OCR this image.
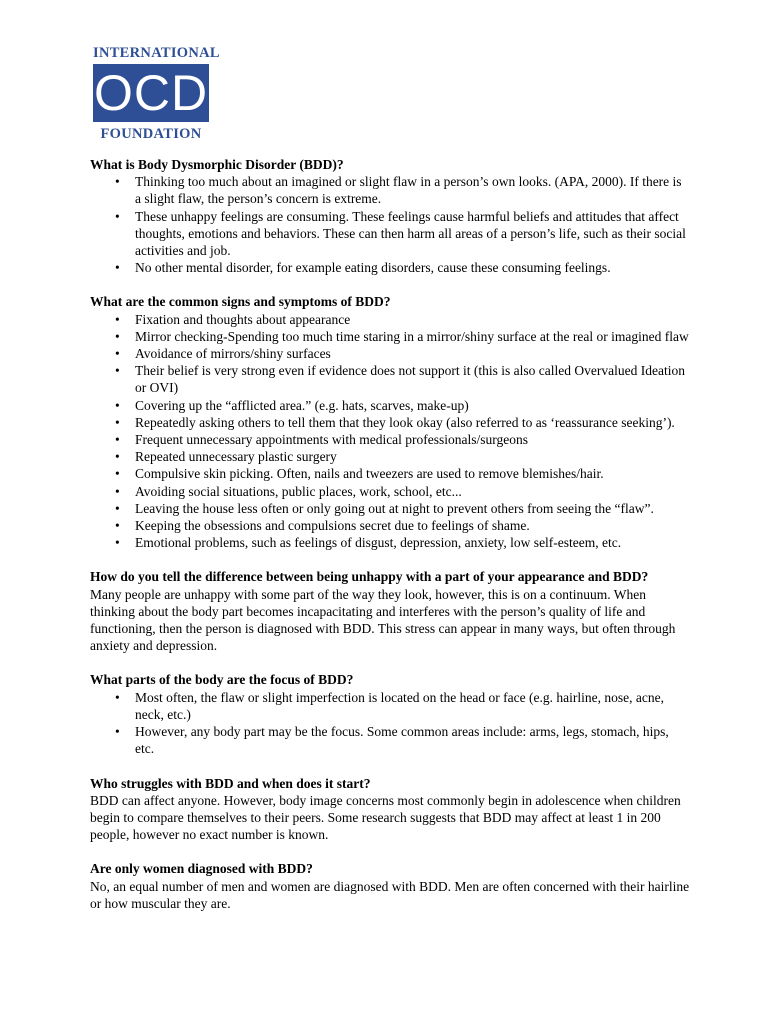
INTERNATIONAL
OCD
FOUNDATION
What is Body Dysmorphic Disorder (BDD)?
• Thinking too much about an imagined or slight flaw in a person’s own looks. (APA, 2000). If there is a slight flaw, the person’s concern is extreme.
• These unhappy feelings are consuming. These feelings cause harmful beliefs and attitudes that affect thoughts, emotions and behaviors. These can then harm all areas of a person’s life, such as their social activities and job.
• No other mental disorder, for example eating disorders, cause these consuming feelings.
What are the common signs and symptoms of BDD?
• Fixation and thoughts about appearance
• Mirror checking-Spending too much time staring in a mirror/shiny surface at the real or imagined flaw
• Avoidance of mirrors/shiny surfaces
• Their belief is very strong even if evidence does not support it (this is also called Overvalued Ideation or OVI)
• Covering up the “afflicted area.” (e.g. hats, scarves, make-up)
• Repeatedly asking others to tell them that they look okay (also referred to as ‘reassurance seeking’).
• Frequent unnecessary appointments with medical professionals/surgeons
• Repeated unnecessary plastic surgery
• Compulsive skin picking. Often, nails and tweezers are used to remove blemishes/hair.
• Avoiding social situations, public places, work, school, etc...
• Leaving the house less often or only going out at night to prevent others from seeing the “flaw”.
• Keeping the obsessions and compulsions secret due to feelings of shame.
• Emotional problems, such as feelings of disgust, depression, anxiety, low self-esteem, etc.
How do you tell the difference between being unhappy with a part of your appearance and BDD?

Many people are unhappy with some part of the way they look, however, this is on a continuum. When thinking about the body part becomes incapacitating and interferes with the person’s quality of life and functioning, then the person is diagnosed with BDD. This stress can appear in many ways, but often through anxiety and depression.

What parts of the body are the focus of BDD?
• Most often, the flaw or slight imperfection is located on the head or face (e.g. hairline, nose, acne, neck, etc.)
• However, any body part may be the focus. Some common areas include: arms, legs, stomach, hips, etc.
Who struggles with BDD and when does it start?

BDD can affect anyone. However, body image concerns most commonly begin in adolescence when children begin to compare themselves to their peers. Some research suggests that BDD may affect at least 1 in 200 people, however no exact number is known.

Are only women diagnosed with BDD?

No, an equal number of men and women are diagnosed with BDD. Men are often concerned with their hairline or how muscular they are.
